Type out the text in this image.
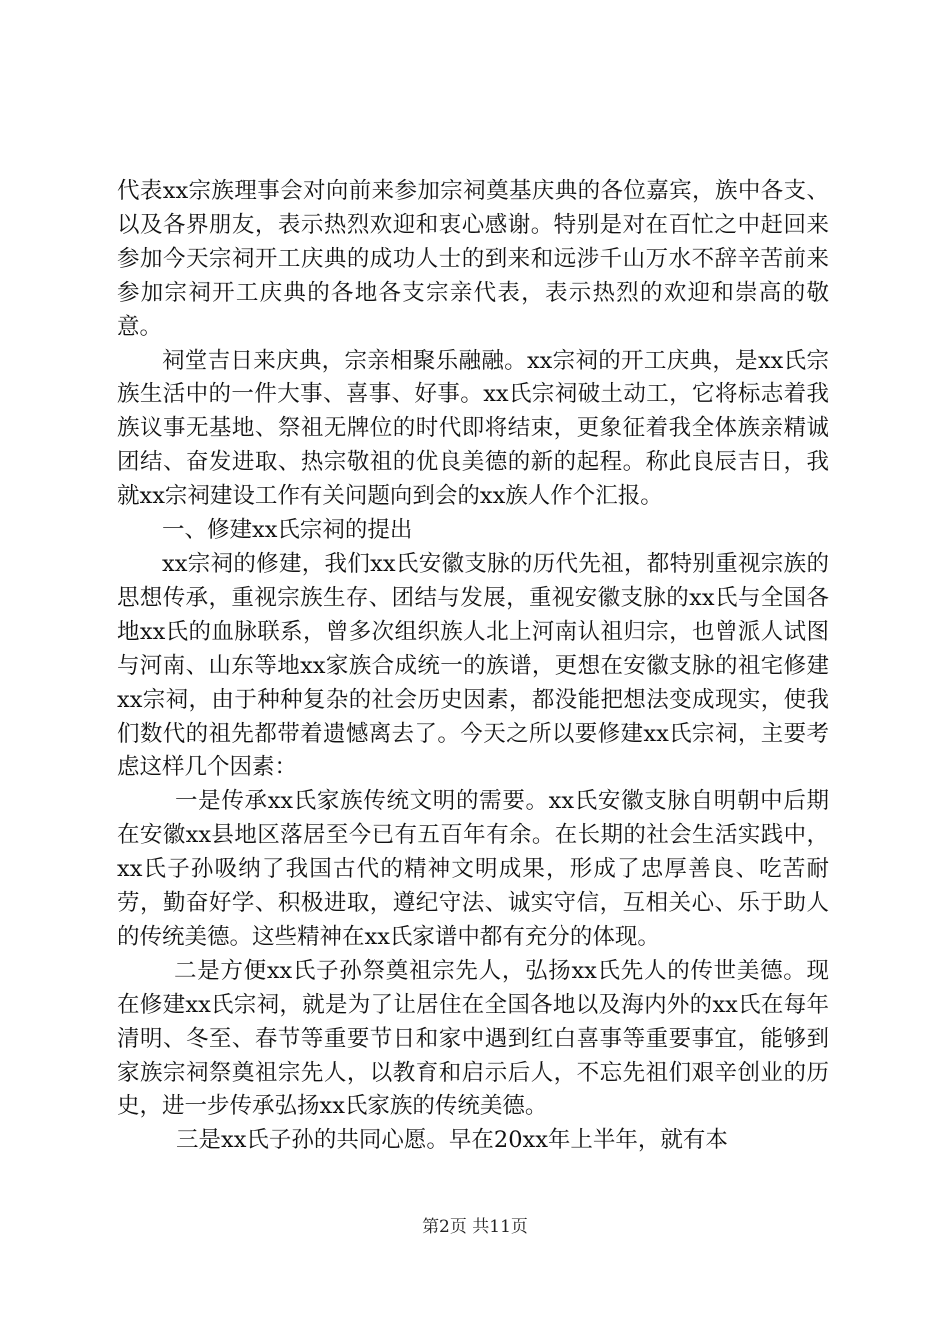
代表xx宗族理事会对向前来参加宗祠奠基庆典的各位嘉宾，族中各支、以及各界朋友，表示热烈欢迎和衷心感谢。特别是对在百忙之中赶回来参加今天宗祠开工庆典的成功人士的到来和远涉千山万水不辞辛苦前来参加宗祠开工庆典的各地各支宗亲代表，表示热烈的欢迎和崇高的敬意。

祠堂吉日来庆典，宗亲相聚乐融融。xx宗祠的开工庆典，是xx氏宗族生活中的一件大事、喜事、好事。xx氏宗祠破土动工，它将标志着我族议事无基地、祭祖无牌位的时代即将结束，更象征着我全体族亲精诚团结、奋发进取、热宗敬祖的优良美德的新的起程。称此良辰吉日，我就xx宗祠建设工作有关问题向到会的xx族人作个汇报。

一、修建xx氏宗祠的提出

xx宗祠的修建，我们xx氏安徽支脉的历代先祖，都特别重视宗族的思想传承，重视宗族生存、团结与发展，重视安徽支脉的xx氏与全国各地xx氏的血脉联系，曾多次组织族人北上河南认祖归宗，也曾派人试图与河南、山东等地xx家族合成统一的族谱，更想在安徽支脉的祖宅修建xx宗祠，由于种种复杂的社会历史因素，都没能把想法变成现实，使我们数代的祖先都带着遗憾离去了。今天之所以要修建xx氏宗祠，主要考虑这样几个因素：

一是传承xx氏家族传统文明的需要。xx氏安徽支脉自明朝中后期在安徽xx县地区落居至今已有五百年有余。在长期的社会生活实践中，xx氏子孙吸纳了我国古代的精神文明成果，形成了忠厚善良、吃苦耐劳，勤奋好学、积极进取，遵纪守法、诚实守信，互相关心、乐于助人的传统美德。这些精神在xx氏家谱中都有充分的体现。

二是方便xx氏子孙祭奠祖宗先人，弘扬xx氏先人的传世美德。现在修建xx氏宗祠，就是为了让居住在全国各地以及海内外的xx氏在每年清明、冬至、春节等重要节日和家中遇到红白喜事等重要事宜，能够到家族宗祠祭奠祖宗先人，以教育和启示后人，不忘先祖们艰辛创业的历史，进一步传承弘扬xx氏家族的传统美德。

三是xx氏子孙的共同心愿。早在20xx年上半年，就有本

第2页 共11页
